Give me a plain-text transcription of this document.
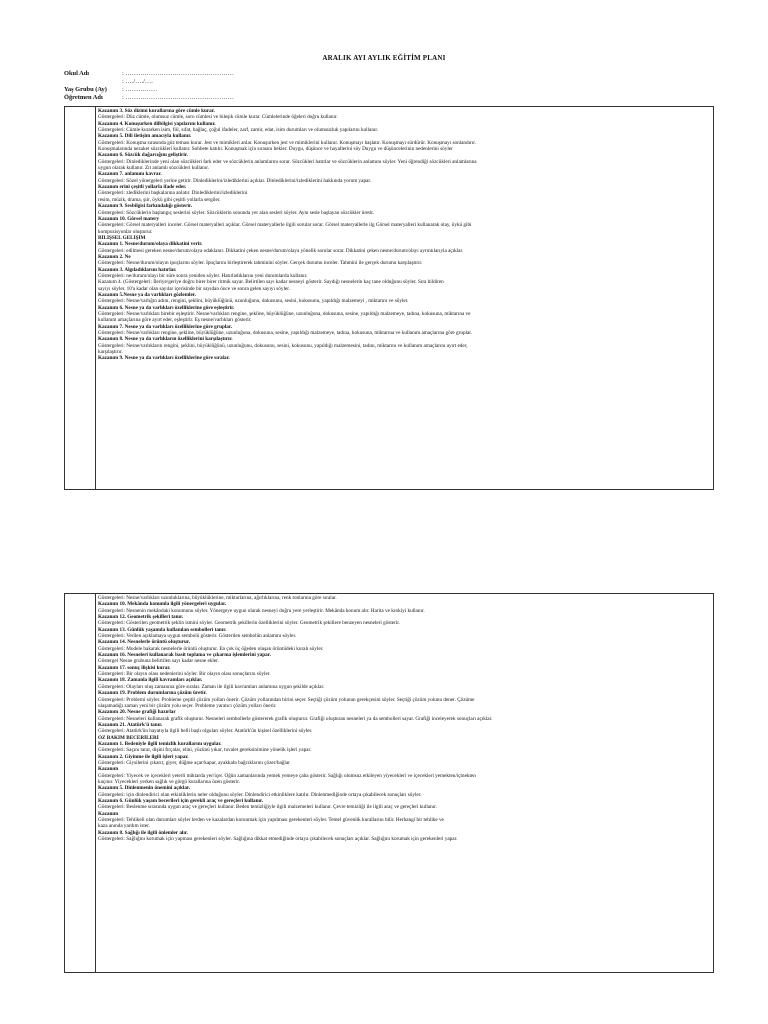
ARALIK AYI AYLIK EĞİTİM PLANI
Okul Adı	: ……………………………………………
: …./…./….
Yaş Grubu (Ay) : ……………
Öğretmen Adı	: ……………………………………………
Kazanım 3. Söz dizimi kurallarına göre cümle kurar.
Göstergeleri: Düz cümle, olumsuz cümle, soru cümlesi ve bileşik cümle kurar. Cümlelerinde öğeleri doğru kullanır.
Kazanım 4. Konuşurken dilbilgisi yapılarını kullanır.
Göstergeleri: Cümle kurarken isim, fiil, sıfat, bağlaç, çoğul ifadeler, zarf, zamir, edat, isim durumları ve olumsuzluk yapılarını kullanır.
Kazanım 5. Dili iletişim amacıyla kullanır.
Göstergeleri: Konuşma sırasında göz teması kurar. Jest ve mimikleri anlar. Konuşurken jest ve mimiklerini kullanır. Konuşmayı başlatır. Konuşmayı sürdürür. Konuşmayı sonlandırır.
Konuşmalarında nezaket sözcükleri kullanır. Sohbete katılır. Konuşmak için sırasını bekler. Duygu, düşünce ve hayallerini söy Duygu ve düşüncelerinin nedenlerini söyler
Kazanım 6. Sözcük dağarcığını geliştirir.
Göstergeleri: Dinlediklerinde yeni olan sözcükleri fark eder ve sözcüklerin anlamlarını sorar. Sözcükleri hatırlar ve sözcüklerin anlamını söyler. Yeni öğrendiği sözcükleri anlamlarına
uygun olarak kullanır. Zıt anlamlı sözcükleri kullanır.
Kazanım 7. anlamını kavrar.
Göstergeleri: Sözel yönergeleri yerine getirir. Dinlediklerini/izlediklerini açıklar. Dinlediklerini/izlediklerini hakkında yorum yapar.
Kazanım erini çeşitli yollarla ifade eder.
Göstergeleri: zlediklerini başkalarına anlatır. Dinlediklerini/izlediklerini
resim, müzik, drama, şiir, öykü gibi çeşitli yollarla sergiler.
Kazanım 9. Sesbilgisi farkındalığı gösterir.
Göstergeleri: Sözcüklerin başlangıç seslerini söyler. Sözcüklerin sonunda yer alan sesleri söyler. Aynı sesle başlayan sözcükler üretir.
Kazanım 10. Görsel matery
Göstergeleri: Görsel materyalleri inceler. Görsel materyalleri açıklar. Görsel materyallerle ilgili sorular sorar. Görsel materyallerle ilg Görsel materyalleri kullanarak olay, öykü gibi
kompozisyonlar oluşturur.
BİLİŞSEL GELİŞİM
Kazanım 1. Nesne/durum/olaya dikkatini verir.
Göstergeleri: edilmesi gereken nesne/durum/olaya odaklanır. Dikkatini çeken nesne/durum/olaya yönelik sorular sorar. Dikkatini çeken nesne/durum/olayı ayrıntılarıyla açıklar.
Kazanım 2. Ne
Göstergeleri: Nesne/durum/olayın ipuçlarını söyler. İpuçlarını birleştirerek tahminini söyler. Gerçek durumu inceler. Tahmini ile gerçek durumu karşılaştırır.
Kazanım 3. Algıladıklarını hatırlar.
Göstergeleri: ne/durum/olayı bir süre sonra yeniden söyler. Hatırladıklarını yeni durumlarda kullanır.
Kazanım 4. (Göstergeleri: İleriye/geriye doğru birer birer ritmik sayar. Belirtilen sayı kadar nesneyi gösterir. Saydığı nesnelerin kaç tane olduğunu söyler. Sıra bildiren
sayıyı söyler. 10'a kadar olan sayılar içerisinde bir sayıdan önce ve sonra gelen sayıyı söyler.
Kazanım 5.Nesne ya da varlıkları gözlemler.
Göstergeleri: Nesne/varlığın adını, rengini, şeklini, büyüklüğünü, uzunluğunu, dokusunu, sesini, kokusunu, yapıldığı malzemeyi , miktarını ve söyler.
Kazanım 6. Nesne ya da varlıkları özelliklerine göre eşleştirir.
Göstergeleri: Nesne/varlıkları birebir eşleştirir. Nesne/varlıkları rengine, şekline, büyüklüğüne, uzunluğuna, dokusuna, sesine, yapıldığı malzemeye, tadına, kokusuna, miktarına ve
kullanım amaçlarına göre ayırt eder, eşleştirir. Eş nesne/varlıkları gösterir.
Kazanım 7. Nesne ya da varlıkları özelliklerine göre gruplar.
Göstergeleri: Nesne/varlıkları rengine, şekline, büyüklüğüne, uzunluğuna, dokusuna, sesine, yapıldığı malzemeye, tadına, kokusuna, miktarına ve kullanım amaçlarına göre gruplar.
Kazanım 8. Nesne ya da varlıkların özelliklerini karşılaştırır.
Göstergeleri: Nesne/varlıkların rengini, şeklini, büyüklüğünü, uzunluğunu, dokusunu, sesini, kokusunu, yapıldığı malzemesini, tadını, miktarını ve kullanım amaçlarını ayırt eder,
karşılaştırır.
Kazanım 9. Nesne ya da varlıkları özelliklerine göre sıralar.
Göstergeleri: Nesne/varlıkları uzunluklarına, büyüklüklerine, miktarlarına, ağırlıklarına, renk tonlarına göre sıralar.
Kazanım 10. Mekânda konumla ilgili yönergeleri uygular.
Göstergeleri: Nesnenin mekândaki konumunu söyler. Yönergeye uygun olarak nesneyi doğru yere yerleştirir. Mekânda konum alır. Harita ve krokiyi kullanır.
Kazanım 12. Geometrik şekilleri tanır.
Göstergeleri: Gösterilen geometrik şeklin ismini söyler. Geometrik şekillerin özelliklerini söyler. Geometrik şekillere benzeyen nesneleri gösterir.
Kazanım 13. Günlük yaşamda kullanılan sembolleri tanır.
Göstergeleri: Verilen açıklamaya uygun sembolü gösterir. Gösterilen sembolün anlamını söyler.
Kazanım 14. Nesnelerle örüntü oluşturur.
Göstergeleri: Modele bakarak nesnelerle örüntü oluşturur. En çok üç öğeden oluşan örüntüdeki kuralı söyler.
Kazanım 16. Nesneleri kullanarak basit toplama ve çıkarma işlemlerini yapar.
Göstergel Nesne grubuna belirtilen sayı kadar nesne ekler.
Kazanım 17. sonuç ilişkisi kurar.
Göstergeleri: Bir olayın olası nedenlerini söyler. Bir olayın olası sonuçlarını söyler.
Kazanım 18. Zamanla ilgili kavramları açıklar.
Göstergeleri: Olayları oluş zamanına göre sıralar. Zaman ile ilgili kavramları anlamına uygun şekilde açıklar.
Kazanım 19. Problem durumlarına çözüm üretir.
Göstergeleri: Problemi söyler. Probleme çeşitli çözüm yolları önerir. Çözüm yollarından birini seçer. Seçtiği çözüm yolunun gerekçesini söyler. Seçtiği çözüm yolunu dener. Çözüme
ulaşamadığı zaman yeni bir çözüm yolu seçer. Probleme yaratıcı çözüm yolları önerir.
Kazanım 20. Nesne grafiği hazırlar
Göstergeleri: Nesneleri kullanarak grafik oluşturur. Nesneleri sembollerle göstererek grafik oluşturur. Grafiği oluşturan nesneleri ya da sembolleri sayar. Grafiği inceleyerek sonuçları açıklar.
Kazanım 21. Atatürk'ü tanır.
Göstergeleri: Atatürk'ün hayatıyla ilgili belli başlı olguları söyler. Atatürk'ün kişisel özelliklerini söyler.
ÖZ BAKIM BECERİLERİ
Kazanım 1. Bedeniyle ilgili temizlik kurallarını uygular.
Göstergeleri: Saçını tarar, dişini fırçalar, elini, yüzünü yıkar, tuvalet gereksinimine yönelik işleri yapar.
Kazanım 2. Giyinme ile ilgili işleri yapar.
Göstergeleri: Giysilerini çıkarır, giyer, düğme açar/kapar, ayakkabı bağcıklarını çözer/bağlar
Kazanım
Göstergeleri: Yiyecek ve içecekleri yeterli miktarda yer/içer. Öğün zamanlarında yemek yemeye çaba gösterir. Sağlığı olumsuz etkileyen yiyecekleri ve içecekleri yemekten/içmekten
kaçınır. Yiyecekleri yerken sağlık ve görgü kurallarına özen gösterir.
Kazanım 5. Dinlenmenin önemini açıklar.
Göstergeleri: için dinlendirici olan etkinliklerin neler olduğunu söyler. Dinlendirici etkinliklere katılır. Dinlenmediğinde ortaya çıkabilecek sonuçları söyler.
Kazanım 6. Günlük yaşam becerileri için gerekli araç ve gereçleri kullanır.
Göstergeleri: Beslenme sırasında uygun araç ve gereçleri kullanır. Beden temizliğiyle ilgili malzemeleri kullanır. Çevre temizliği ile ilgili araç ve gereçleri kullanır.
Kazanım
Göstergeleri: Tehlikeli olan durumları söyler lerden ve kazalardan korunmak için yapılması gerekenleri söyler. Temel güvenlik kurallarını bilir. Herhangi bir tehlike ve
kaza anında yardım ister.
Kazanım 8. Sağlığı ile ilgili önlemler alır.
Göstergeleri: Sağlığını korumak için yapması gerekenleri söyler. Sağlığına dikkat etmediğinde ortaya çıkabilecek sonuçları açıklar. Sağlığını korumak için gerekenleri yapar.
